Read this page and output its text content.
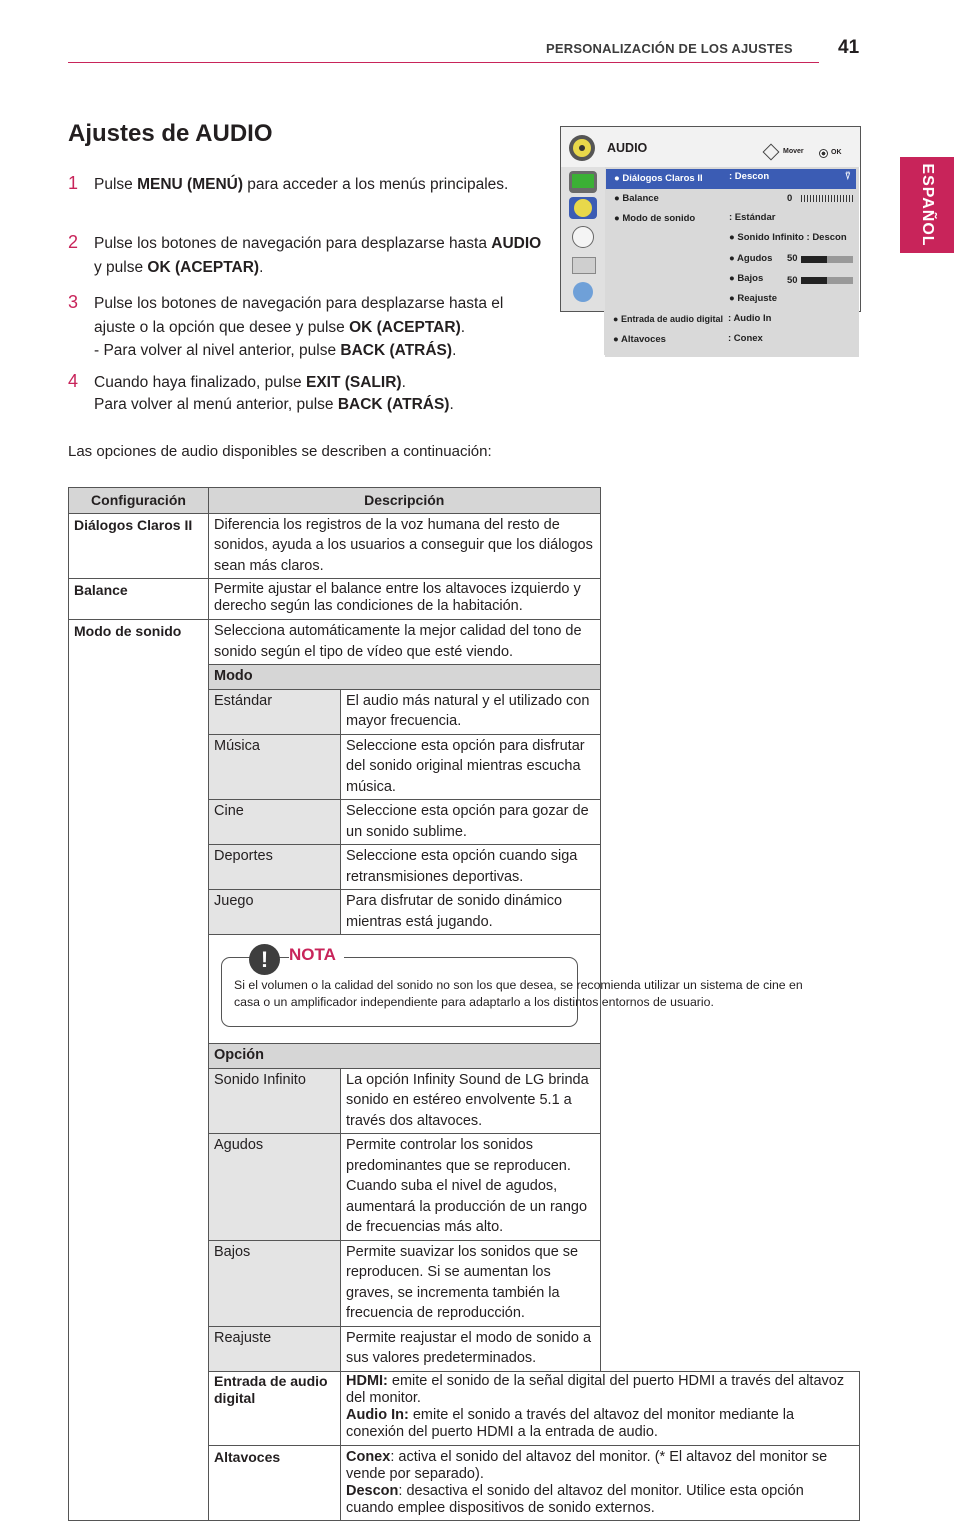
PERSONALIZACIÓN DE LOS AJUSTES 41
ESPAÑOL
Ajustes de AUDIO
1 Pulse MENU (MENÚ) para acceder a los menús principales.
2 Pulse los botones de navegación para desplazarse hasta AUDIO y pulse OK (ACEPTAR).
3 Pulse los botones de navegación para desplazarse hasta el ajuste o la opción que desee y pulse OK (ACEPTAR).
- Para volver al nivel anterior, pulse BACK (ATRÁS).
4 Cuando haya finalizado, pulse EXIT (SALIR).
Para volver al menú anterior, pulse BACK (ATRÁS).
Las opciones de audio disponibles se describen a continuación:
AUDIO	Mover	OK
● Diálogos Claros II	: Descon	⍢
● Balance	0
● Modo de sonido	: Estándar
● Sonido Infinito : Descon
● Agudos 50
● Bajos 50
● Reajuste
● Entrada de audio digital : Audio In
● Altavoces	: Conex
Configuración	Descripción	
Diálogos Claros II	Diferencia los registros de la voz humana del resto de sonidos, ayuda a los usuarios a conseguir que los diálogos sean más claros.	
Balance	Permite ajustar el balance entre los altavoces izquierdo y derecho según las condiciones de la habitación.	
Modo de sonido	Selecciona automáticamente la mejor calidad del tono de sonido según el tipo de vídeo que esté viendo.	
	Modo	
	Estándar	El audio más natural y el utilizado con mayor frecuencia.
	Música	Seleccione esta opción para disfrutar del sonido original mientras escucha música.
	Cine	Seleccione esta opción para gozar de un sonido sublime.
	Deportes	Seleccione esta opción cuando siga retransmisiones deportivas.
	Juego	Para disfrutar de sonido dinámico mientras está jugando.

	! NOTA
Si el volumen o la calidad del sonido no son los que desea, se recomienda utilizar un sistema de cine en casa o un amplificador independiente para adaptarlo a los distintos entornos de usuario.	

	Opción	
	Sonido Infinito	La opción Infinity Sound de LG brinda sonido en estéreo envolvente 5.1 a través dos altavoces.
	Agudos	Permite controlar los sonidos predominantes que se reproducen. Cuando suba el nivel de agudos, aumentará la producción de un rango de frecuencias más alto.
	Bajos	Permite suavizar los sonidos que se reproducen. Si se aumentan los graves, se incrementa también la frecuencia de reproducción.
	Reajuste	Permite reajustar el modo de sonido a sus valores predeterminados.
	Entrada de audio digital	HDMI: emite el sonido de la señal digital del puerto HDMI a través del altavoz del monitor.
Audio In: emite el sonido a través del altavoz del monitor mediante la conexión del puerto HDMI a la entrada de audio.
	Altavoces	Conex: activa el sonido del altavoz del monitor. (* El altavoz del monitor se vende por separado).
Descon: desactiva el sonido del altavoz del monitor. Utilice esta opción cuando emplee dispositivos de sonido externos.
